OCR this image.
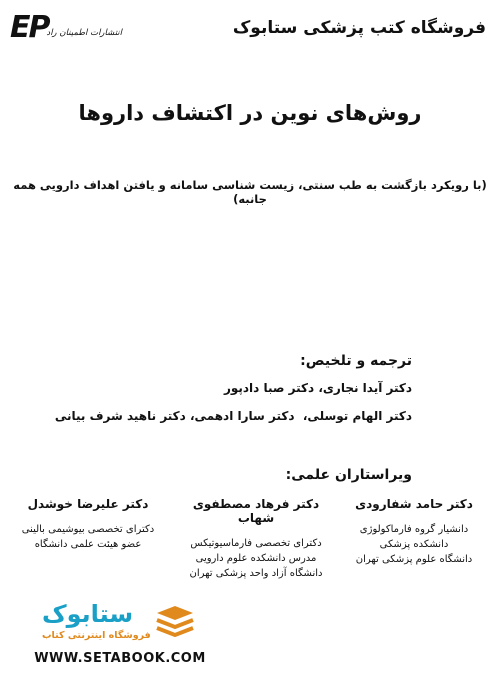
فروشگاه کتب پزشکی ستابوک
EP
انتشارات اطمینان راد
روش‌های نوین در اکتشاف داروها
(با رویکرد بازگشت به طب سنتی، زیست شناسی سامانه و یافتن اهداف دارویی همه جانبه)
ترجمه و تلخیص:
دکتر آیدا نجاری، دکتر صبا دادپور
دکتر الهام توسلی،  دکتر سارا ادهمی، دکتر ناهید شرف بیانی
ویراستاران علمی:
دکتر حامد شفارودی
دانشیار گروه فارماکولوژی
دانشکده پزشکی
دانشگاه علوم پزشکی تهران
دکتر فرهاد مصطفوی شهاب
دکترای تخصصی فارماسیوتیکس
مدرس دانشکده علوم دارویی
دانشگاه آزاد واحد پزشکی تهران
دکتر علیرضا خوشدل
دکترای تخصصی بیوشیمی بالینی
عضو هیئت علمی دانشگاه
ستابوک
فروشگاه اینترنتی کتاب
WWW.SETABOOK.COM
